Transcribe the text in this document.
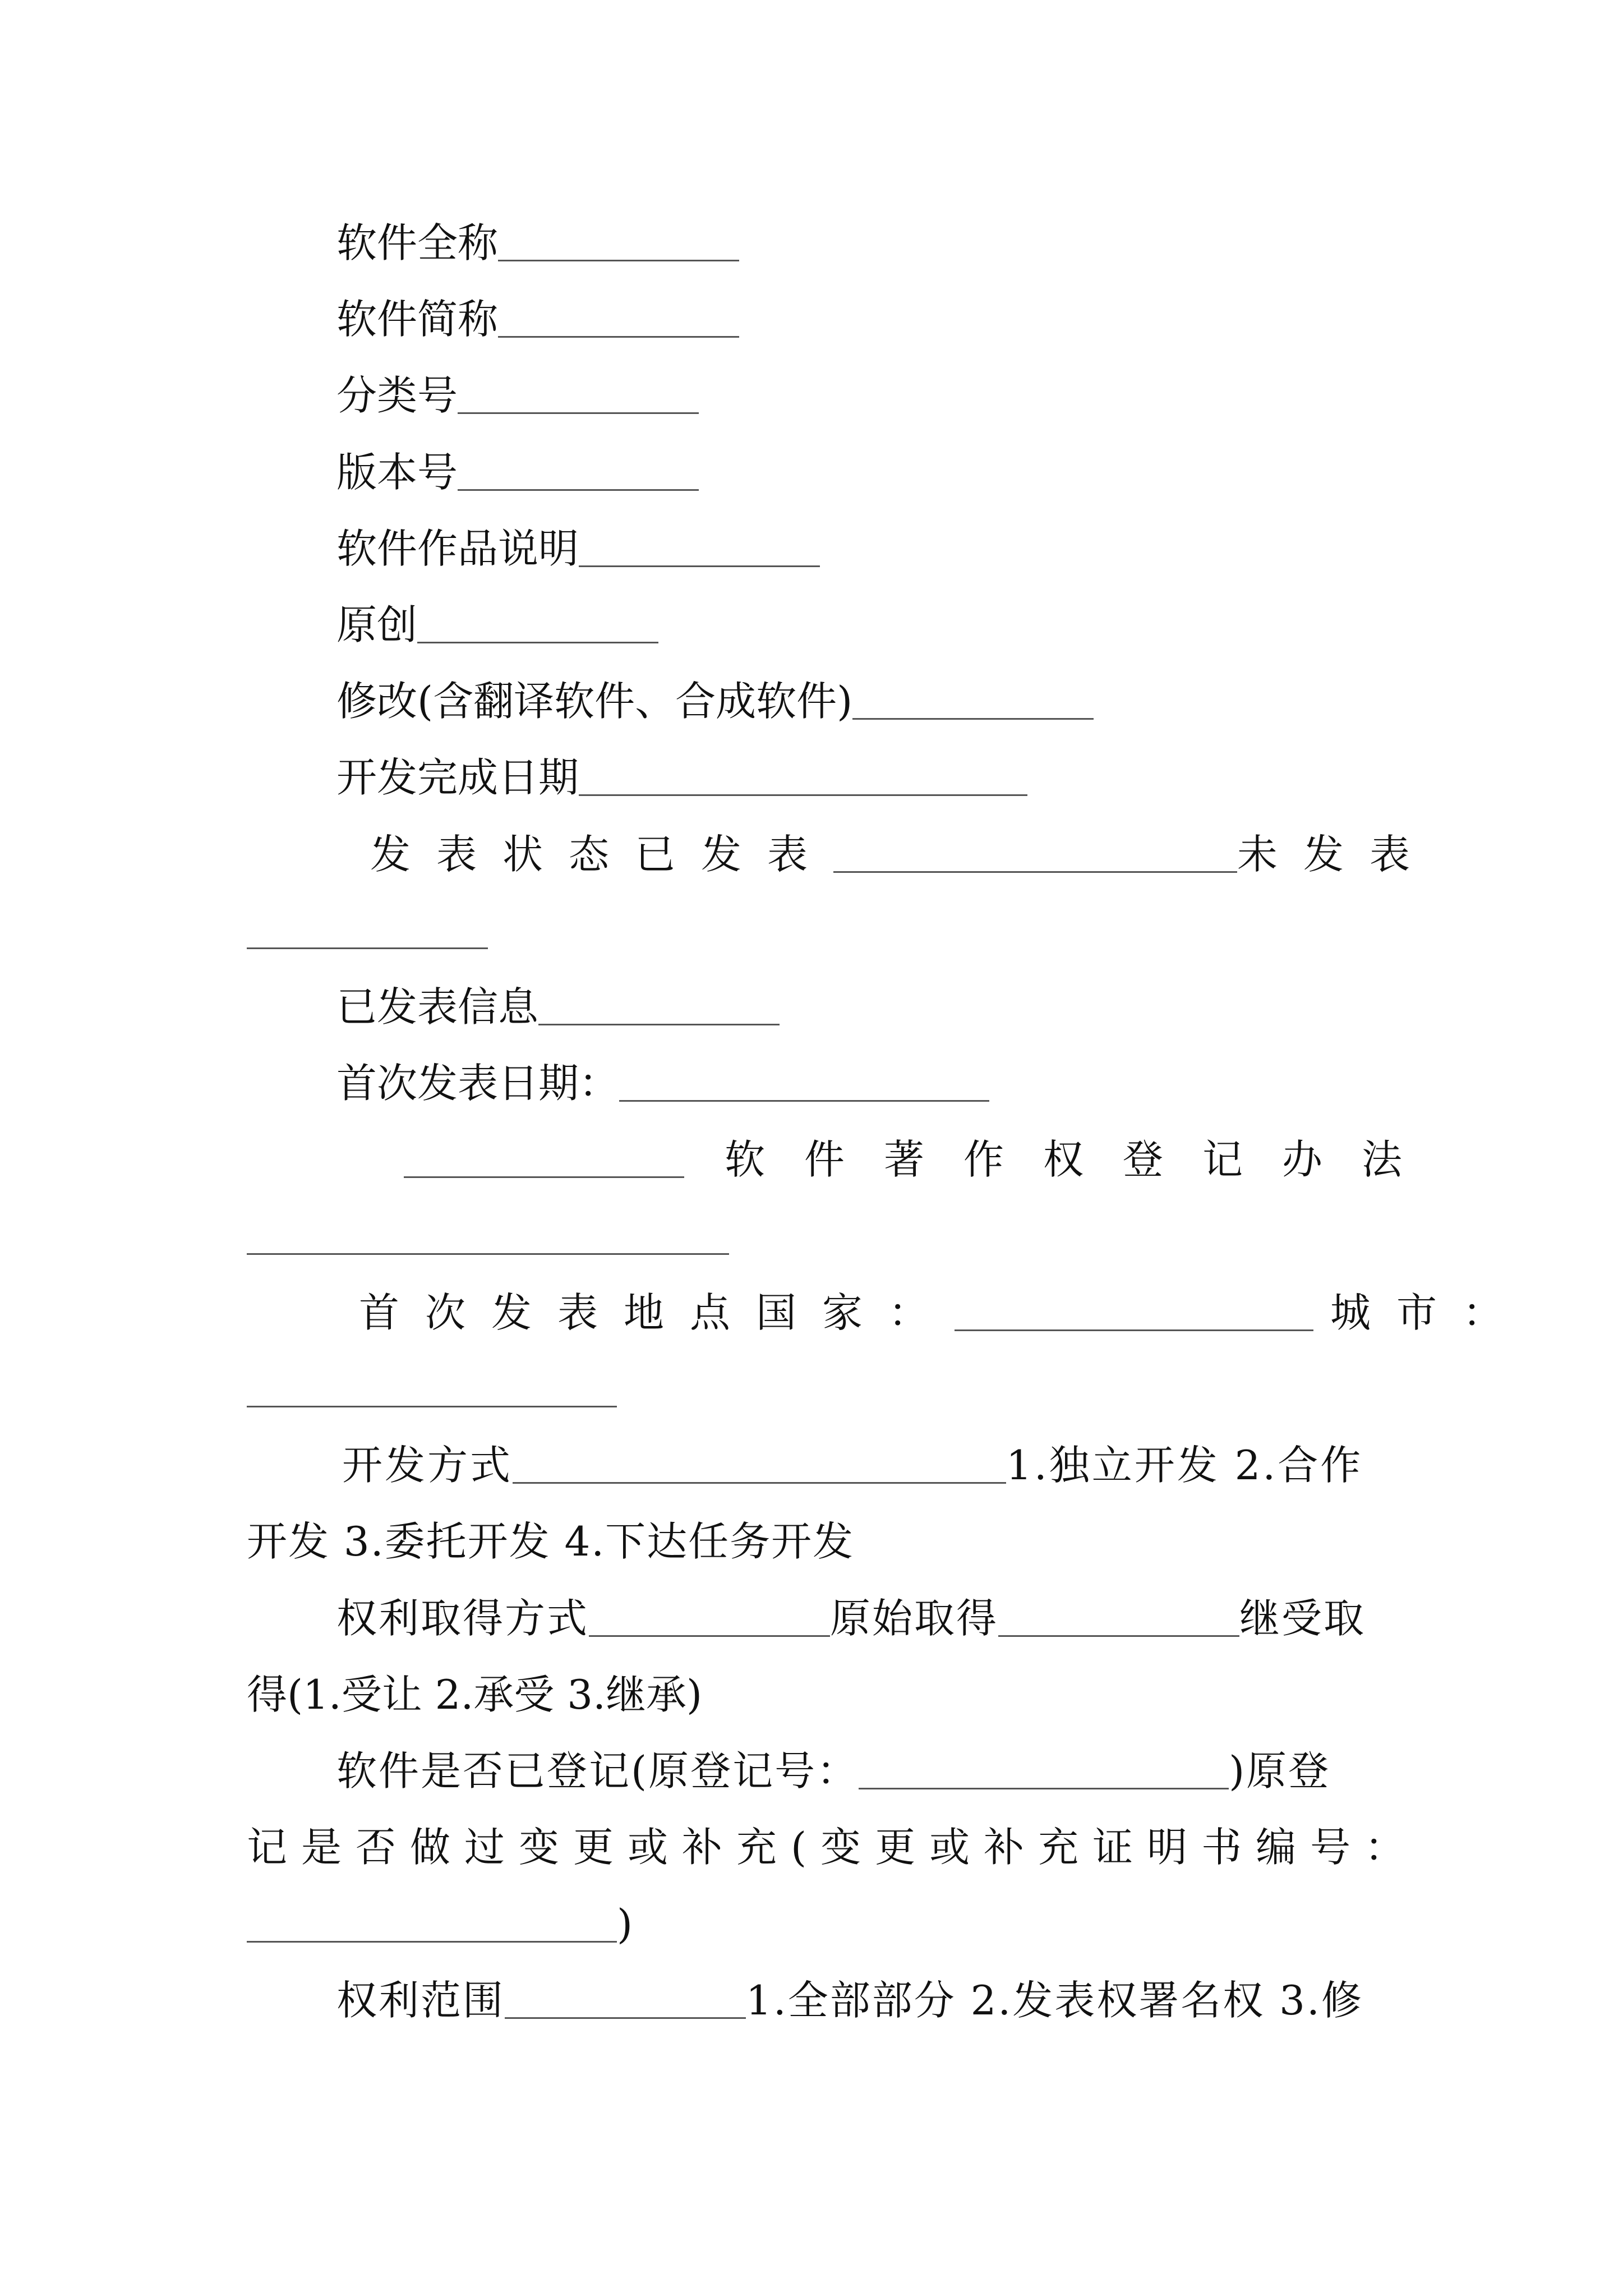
软件全称
软件简称
分类号
版本号
软件作品说明
原创
修改(含翻译软件、合成软件)
开发完成日期
发表状态已发表	未发表
已发表信息
首次发表日期：
软件著作权登记办法
首次发表地点国家：	城市：
开发方式	1.独立开发 2.合作
开发 3.委托开发 4.下达任务开发
权利取得方式	原始取得	继受取
得(1.受让 2.承受 3.继承)
软件是否已登记(原登记号：	)原登
记是否做过变更或补充(变更或补充证明书编号：
)
权利范围	1.全部部分 2.发表权署名权 3.修
